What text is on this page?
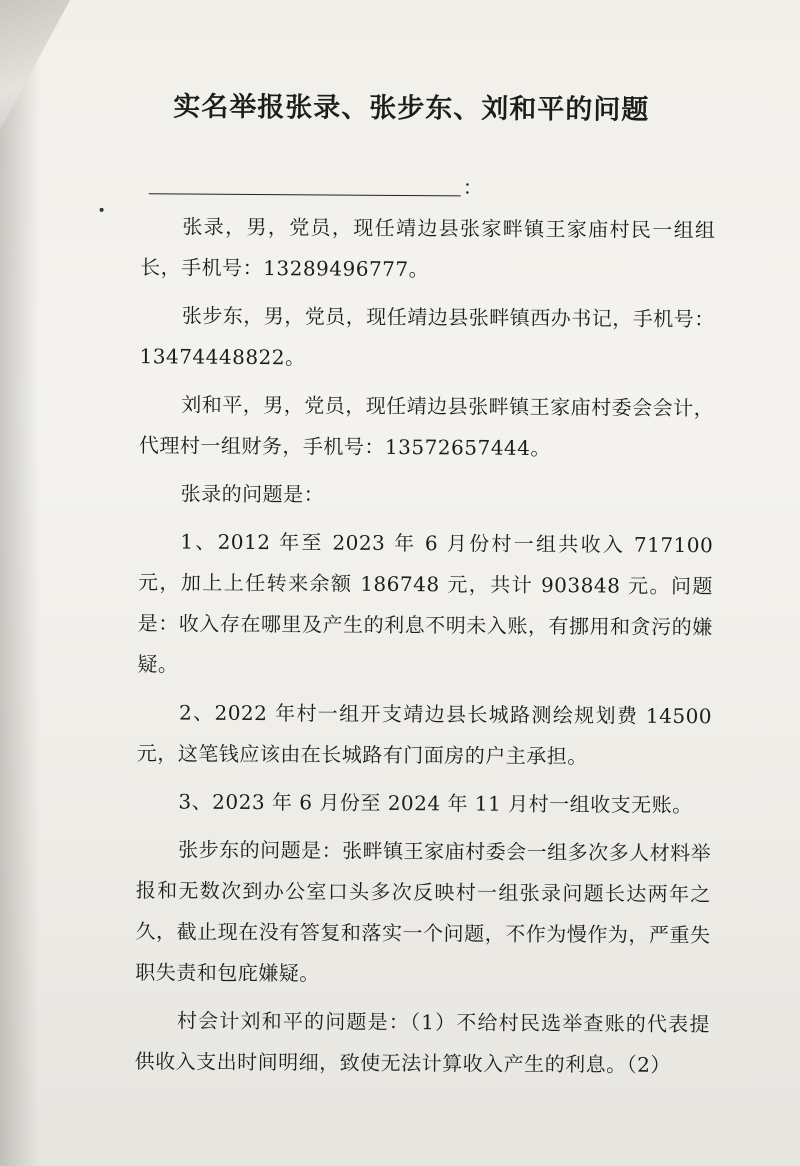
实名举报张录、张步东、刘和平的问题
：

张录，男，党员，现任靖边县张家畔镇王家庙村民一组组长，手机号：13289496777。

张步东，男，党员，现任靖边县张畔镇西办书记，手机号：13474448822。

刘和平，男，党员，现任靖边县张畔镇王家庙村委会会计，代理村一组财务，手机号：13572657444。

张录的问题是：

1、2012 年至 2023 年 6 月份村一组共收入 717100 元，加上上任转来余额 186748 元，共计 903848 元。问题是：收入存在哪里及产生的利息不明未入账，有挪用和贪污的嫌疑。

2、2022 年村一组开支靖边县长城路测绘规划费 14500 元，这笔钱应该由在长城路有门面房的户主承担。

3、2023 年 6 月份至 2024 年 11 月村一组收支无账。

张步东的问题是：张畔镇王家庙村委会一组多次多人材料举报和无数次到办公室口头多次反映村一组张录问题长达两年之久，截止现在没有答复和落实一个问题，不作为慢作为，严重失职失责和包庇嫌疑。

村会计刘和平的问题是：（1）不给村民选举查账的代表提供收入支出时间明细，致使无法计算收入产生的利息。（2）
